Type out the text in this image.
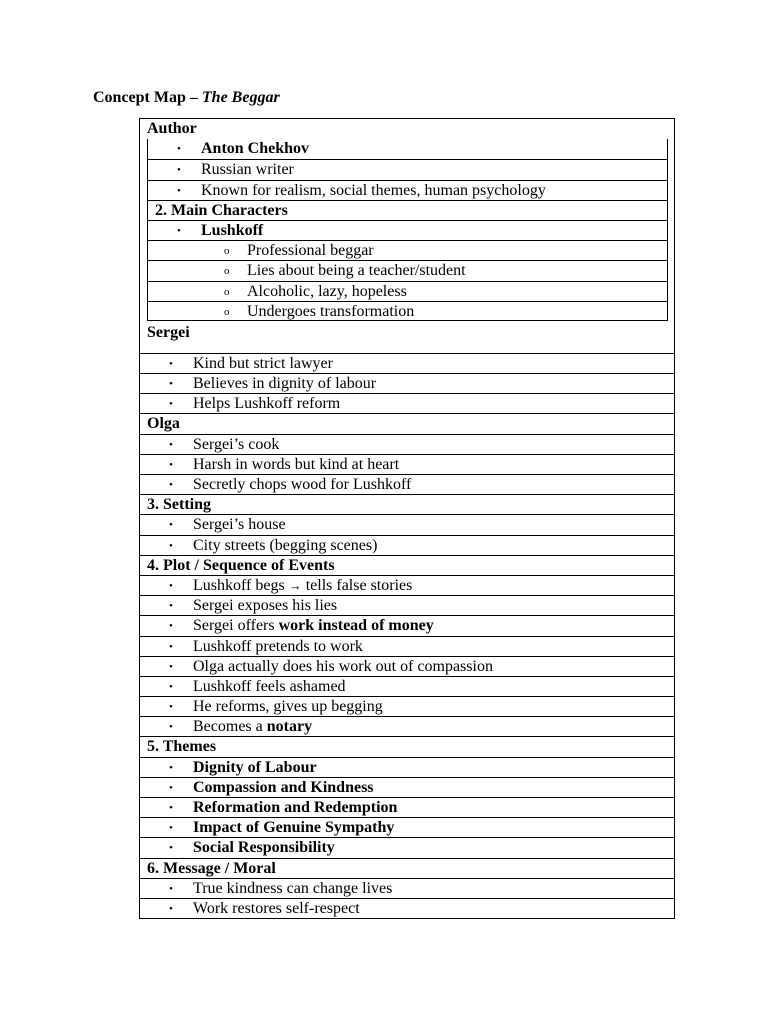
Concept Map – The Beggar
Author
• Anton Chekhov
• Russian writer
• Known for realism, social themes, human psychology
2. Main Characters
• Lushkoff
o Professional beggar
o Lies about being a teacher/student
o Alcoholic, lazy, hopeless
o Undergoes transformation
Sergei
• Kind but strict lawyer
• Believes in dignity of labour
• Helps Lushkoff reform
Olga
• Sergei’s cook
• Harsh in words but kind at heart
• Secretly chops wood for Lushkoff
3. Setting
• Sergei’s house
• City streets (begging scenes)
4. Plot / Sequence of Events
• Lushkoff begs → tells false stories
• Sergei exposes his lies
• Sergei offers work instead of money
• Lushkoff pretends to work
• Olga actually does his work out of compassion
• Lushkoff feels ashamed
• He reforms, gives up begging
• Becomes a notary
5. Themes
• Dignity of Labour
• Compassion and Kindness
• Reformation and Redemption
• Impact of Genuine Sympathy
• Social Responsibility
6. Message / Moral
• True kindness can change lives
• Work restores self-respect
